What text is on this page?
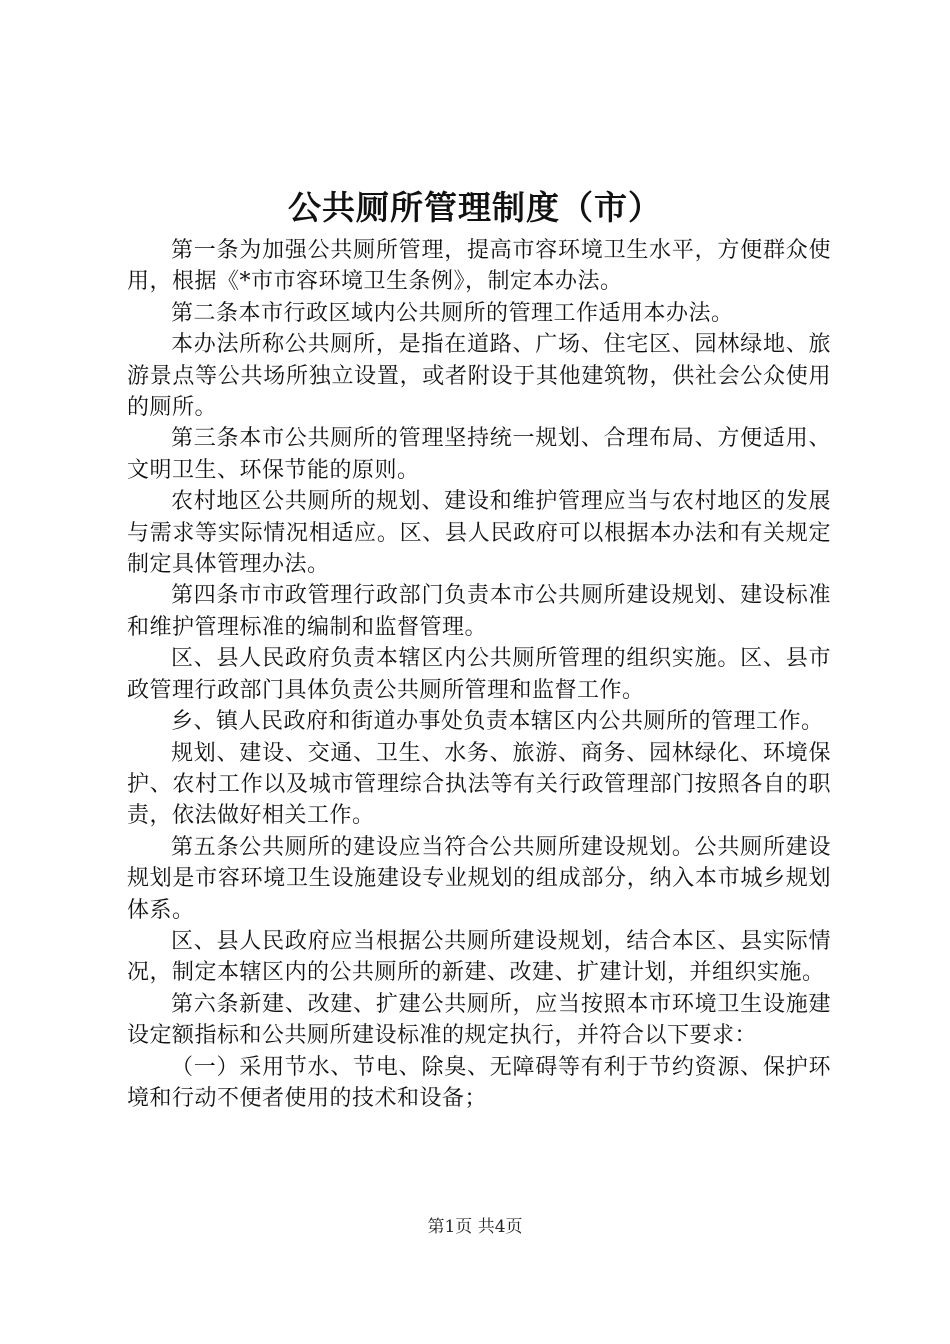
公共厕所管理制度（市）

第一条为加强公共厕所管理，提高市容环境卫生水平，方便群众使用，根据《*市市容环境卫生条例》，制定本办法。

第二条本市行政区域内公共厕所的管理工作适用本办法。

本办法所称公共厕所，是指在道路、广场、住宅区、园林绿地、旅游景点等公共场所独立设置，或者附设于其他建筑物，供社会公众使用的厕所。

第三条本市公共厕所的管理坚持统一规划、合理布局、方便适用、文明卫生、环保节能的原则。

农村地区公共厕所的规划、建设和维护管理应当与农村地区的发展与需求等实际情况相适应。区、县人民政府可以根据本办法和有关规定制定具体管理办法。

第四条市市政管理行政部门负责本市公共厕所建设规划、建设标准和维护管理标准的编制和监督管理。

区、县人民政府负责本辖区内公共厕所管理的组织实施。区、县市政管理行政部门具体负责公共厕所管理和监督工作。

乡、镇人民政府和街道办事处负责本辖区内公共厕所的管理工作。

规划、建设、交通、卫生、水务、旅游、商务、园林绿化、环境保护、农村工作以及城市管理综合执法等有关行政管理部门按照各自的职责，依法做好相关工作。

第五条公共厕所的建设应当符合公共厕所建设规划。公共厕所建设规划是市容环境卫生设施建设专业规划的组成部分，纳入本市城乡规划体系。

区、县人民政府应当根据公共厕所建设规划，结合本区、县实际情况，制定本辖区内的公共厕所的新建、改建、扩建计划，并组织实施。

第六条新建、改建、扩建公共厕所，应当按照本市环境卫生设施建设定额指标和公共厕所建设标准的规定执行，并符合以下要求：

（一）采用节水、节电、除臭、无障碍等有利于节约资源、保护环境和行动不便者使用的技术和设备；

第1页 共4页
